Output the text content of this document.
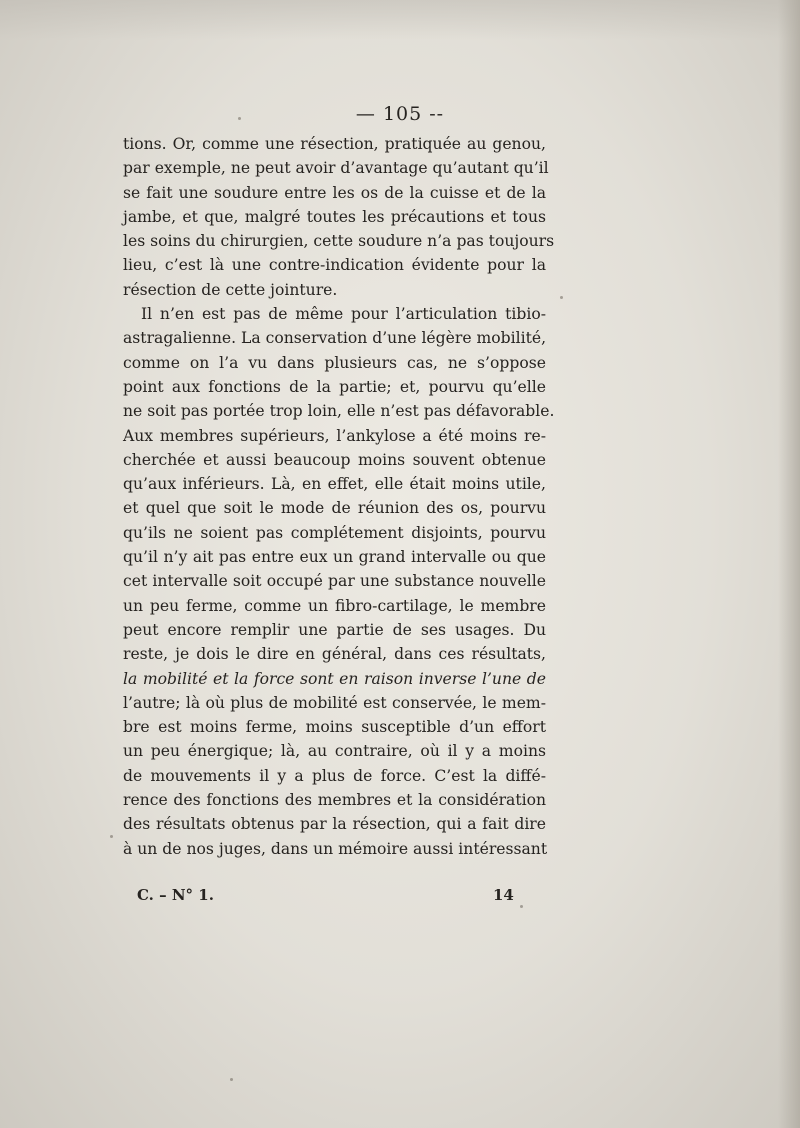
— 105 --
tions. Or, comme une résection, pratiquée au genou,
par exemple, ne peut avoir d’avantage qu’autant qu’il
se fait une soudure entre les os de la cuisse et de la
jambe, et que, malgré toutes les précautions et tous
les soins du chirurgien, cette soudure n’a pas toujours
lieu, c’est là une contre-indication évidente pour la
résection de cette jointure.
Il n’en est pas de même pour l’articulation tibio-
astragalienne. La conservation d’une légère mobilité,
comme on l’a vu dans plusieurs cas, ne s’oppose
point aux fonctions de la partie; et, pourvu qu’elle
ne soit pas portée trop loin, elle n’est pas défavorable.
Aux membres supérieurs, l’ankylose a été moins re-
cherchée et aussi beaucoup moins souvent obtenue
qu’aux inférieurs. Là, en effet, elle était moins utile,
et quel que soit le mode de réunion des os, pourvu
qu’ils ne soient pas complétement disjoints, pourvu
qu’il n’y ait pas entre eux un grand intervalle ou que
cet intervalle soit occupé par une substance nouvelle
un peu ferme, comme un fibro-cartilage, le membre
peut encore remplir une partie de ses usages. Du
reste, je dois le dire en général, dans ces résultats,
la mobilité et la force sont en raison inverse l’une de
l’autre; là où plus de mobilité est conservée, le mem-
bre est moins ferme, moins susceptible d’un effort
un peu énergique; là, au contraire, où il y a moins
de mouvements il y a plus de force. C’est la diffé-
rence des fonctions des membres et la considération
des résultats obtenus par la résection, qui a fait dire
à un de nos juges, dans un mémoire aussi intéressant
C. – N° 1.	14
